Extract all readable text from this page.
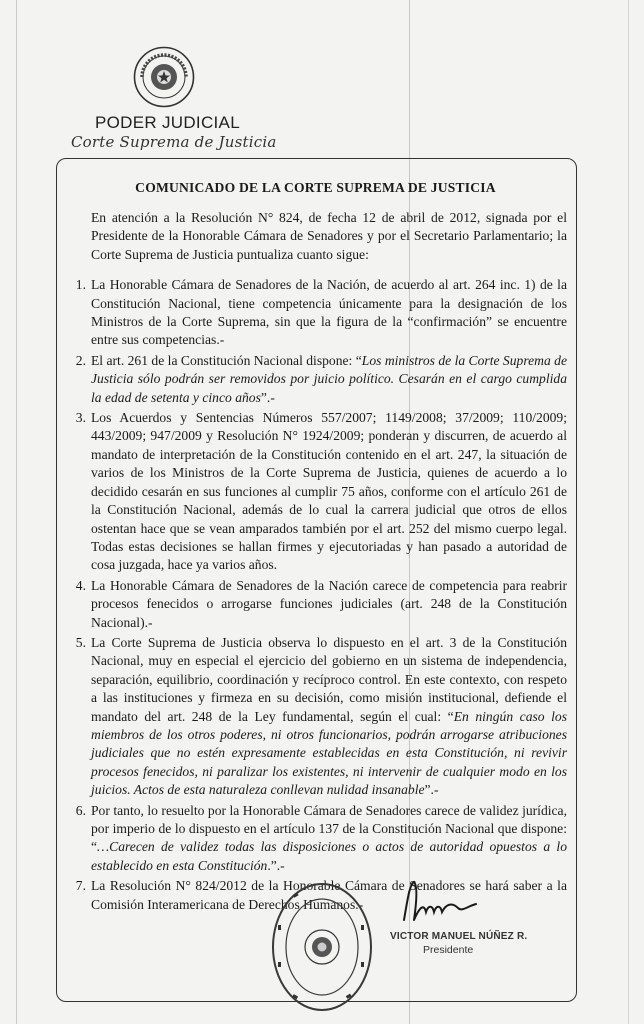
PODER JUDICIAL
Corte Suprema de Justicia
COMUNICADO DE LA CORTE SUPREMA DE JUSTICIA

En atención a la Resolución N° 824, de fecha 12 de abril de 2012, signada por el Presidente de la Honorable Cámara de Senadores y por el Secretario Parlamentario; la Corte Suprema de Justicia puntualiza cuanto sigue:

1. La Honorable Cámara de Senadores de la Nación, de acuerdo al art. 264 inc. 1) de la Constitución Nacional, tiene competencia únicamente para la designación de los Ministros de la Corte Suprema, sin que la figura de la “confirmación” se encuentre entre sus competencias.-
2. El art. 261 de la Constitución Nacional dispone: “Los ministros de la Corte Suprema de Justicia sólo podrán ser removidos por juicio político. Cesarán en el cargo cumplida la edad de setenta y cinco años”.-
3. Los Acuerdos y Sentencias Números 557/2007; 1149/2008; 37/2009; 110/2009; 443/2009; 947/2009 y Resolución N° 1924/2009; ponderan y discurren, de acuerdo al mandato de interpretación de la Constitución contenido en el art. 247, la situación de varios de los Ministros de la Corte Suprema de Justicia, quienes de acuerdo a lo decidido cesarán en sus funciones al cumplir 75 años, conforme con el artículo 261 de la Constitución Nacional, además de lo cual la carrera judicial que otros de ellos ostentan hace que se vean amparados también por el art. 252 del mismo cuerpo legal. Todas estas decisiones se hallan firmes y ejecutoriadas y han pasado a autoridad de cosa juzgada, hace ya varios años.
4. La Honorable Cámara de Senadores de la Nación carece de competencia para reabrir procesos fenecidos o arrogarse funciones judiciales (art. 248 de la Constitución Nacional).-
5. La Corte Suprema de Justicia observa lo dispuesto en el art. 3 de la Constitución Nacional, muy en especial el ejercicio del gobierno en un sistema de independencia, separación, equilibrio, coordinación y recíproco control. En este contexto, con respeto a las instituciones y firmeza en su decisión, como misión institucional, defiende el mandato del art. 248 de la Ley fundamental, según el cual: “En ningún caso los miembros de los otros poderes, ni otros funcionarios, podrán arrogarse atribuciones judiciales que no estén expresamente establecidas en esta Constitución, ni revivir procesos fenecidos, ni paralizar los existentes, ni intervenir de cualquier modo en los juicios. Actos de esta naturaleza conllevan nulidad insanable”.-
6. Por tanto, lo resuelto por la Honorable Cámara de Senadores carece de validez jurídica, por imperio de lo dispuesto en el artículo 137 de la Constitución Nacional que dispone: “…Carecen de validez todas las disposiciones o actos de autoridad opuestos a lo establecido en esta Constitución.”.-
7. La Resolución N° 824/2012 de la Honorable Cámara de Senadores se hará saber a la Comisión Interamericana de Derechos Humanos.-
VICTOR MANUEL NÚÑEZ R.
Presidente
